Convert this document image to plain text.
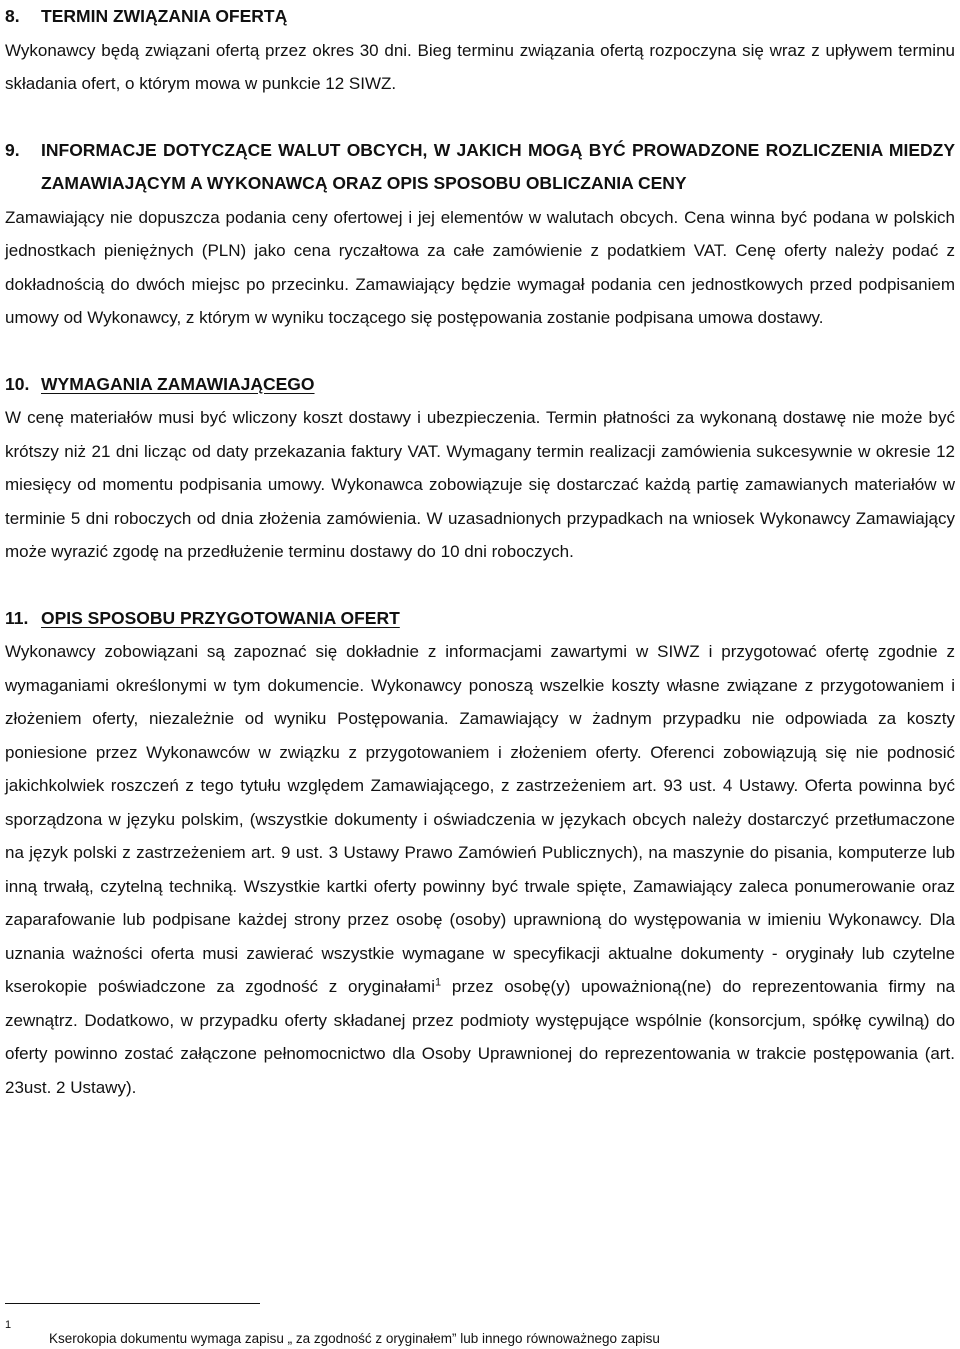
8. TERMIN ZWIĄZANIA OFERTĄ

Wykonawcy będą związani ofertą przez okres 30 dni. Bieg terminu związania ofertą rozpoczyna się wraz z upływem terminu składania ofert, o którym mowa w punkcie 12 SIWZ.

9.	INFORMACJE DOTYCZĄCE WALUT OBCYCH, W JAKICH MOGĄ BYĆ PROWADZONE ROZLICZENIA MIEDZY ZAMAWIAJĄCYM A WYKONAWCĄ ORAZ OPIS SPOSOBU OBLICZANIA CENY

Zamawiający nie dopuszcza podania ceny ofertowej i jej elementów w walutach obcych. Cena winna być podana w polskich jednostkach pieniężnych (PLN) jako cena ryczałtowa za całe zamówienie z podatkiem VAT. Cenę oferty należy podać z dokładnością do dwóch miejsc po przecinku. Zamawiający będzie wymagał podania cen jednostkowych przed podpisaniem umowy od Wykonawcy, z którym w wyniku toczącego się postępowania zostanie podpisana umowa dostawy.

10. WYMAGANIA ZAMAWIAJĄCEGO

W cenę materiałów musi być wliczony koszt dostawy i ubezpieczenia. Termin płatności za wykonaną dostawę nie może być krótszy niż 21 dni licząc od daty przekazania faktury VAT. Wymagany termin realizacji zamówienia sukcesywnie w okresie 12 miesięcy od momentu podpisania umowy. Wykonawca zobowiązuje się dostarczać każdą partię zamawianych materiałów w terminie 5 dni roboczych od dnia złożenia zamówienia. W uzasadnionych przypadkach na wniosek Wykonawcy Zamawiający może wyrazić zgodę na przedłużenie terminu dostawy do 10 dni roboczych.

11. OPIS SPOSOBU PRZYGOTOWANIA OFERT

Wykonawcy zobowiązani są zapoznać się dokładnie z informacjami zawartymi w SIWZ i przygotować ofertę zgodnie z wymaganiami określonymi w tym dokumencie. Wykonawcy ponoszą wszelkie koszty własne związane z przygotowaniem i złożeniem oferty, niezależnie od wyniku Postępowania. Zamawiający w żadnym przypadku nie odpowiada za koszty poniesione przez Wykonawców w związku z przygotowaniem i złożeniem oferty. Oferenci zobowiązują się nie podnosić jakichkolwiek roszczeń z tego tytułu względem Zamawiającego, z zastrzeżeniem art. 93 ust. 4 Ustawy. Oferta powinna być sporządzona w języku polskim, (wszystkie dokumenty i oświadczenia w językach obcych należy dostarczyć przetłumaczone na język polski z zastrzeżeniem art. 9 ust. 3 Ustawy Prawo Zamówień Publicznych), na maszynie do pisania, komputerze lub inną trwałą, czytelną techniką. Wszystkie kartki oferty powinny być trwale spięte, Zamawiający zaleca ponumerowanie oraz zaparafowanie lub podpisane każdej strony przez osobę (osoby) uprawnioną do występowania w imieniu Wykonawcy. Dla uznania ważności oferta musi zawierać wszystkie wymagane w specyfikacji aktualne dokumenty - oryginały lub czytelne kserokopie poświadczone za zgodność z oryginałami$^1$ przez osobę(y) upoważnioną(ne) do reprezentowania firmy na zewnątrz. Dodatkowo, w przypadku oferty składanej przez podmioty występujące wspólnie (konsorcjum, spółkę cywilną) do oferty powinno zostać załączone pełnomocnictwo dla Osoby Uprawnionej do reprezentowania w trakcie postępowania (art. 23ust. 2 Ustawy).

1
Kserokopia dokumentu wymaga zapisu „ za zgodność z oryginałem” lub innego równoważnego zapisu
